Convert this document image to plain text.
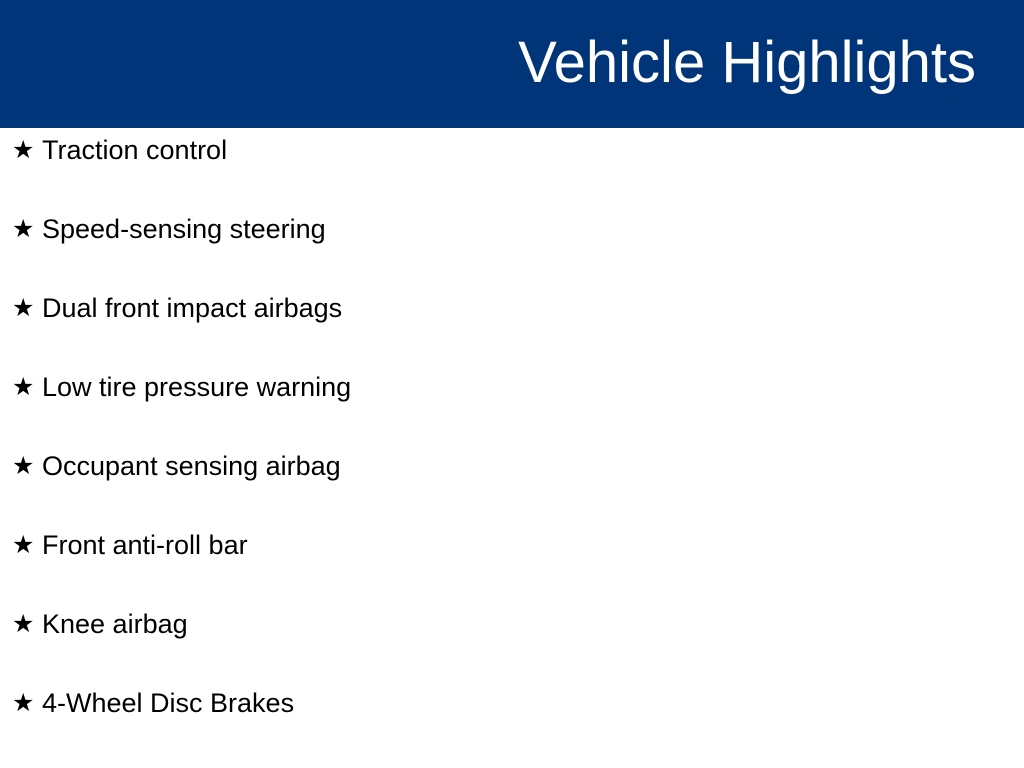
Vehicle Highlights
★ Traction control
★ Speed-sensing steering
★ Dual front impact airbags
★ Low tire pressure warning
★ Occupant sensing airbag
★ Front anti-roll bar
★ Knee airbag
★ 4-Wheel Disc Brakes
